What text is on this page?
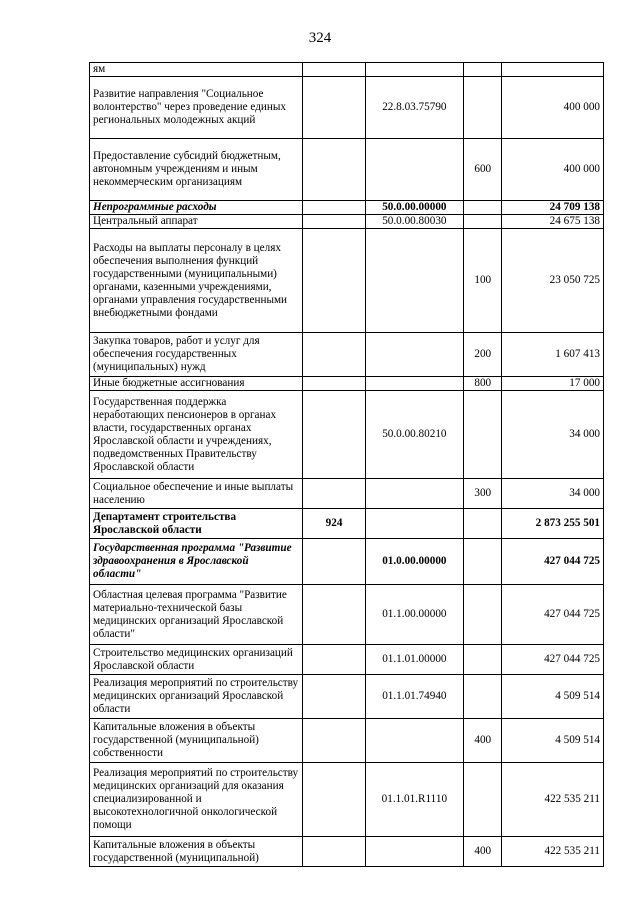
324
ям				
Развитие направления "Социальное волонтерство" через проведение единых региональных молодежных акций		22.8.03.75790		400 000
Предоставление субсидий бюджетным, автономным учреждениям и иным некоммерческим организациям			600	400 000
Непрограммные расходы		50.0.00.00000		24 709 138
Центральный аппарат		50.0.00.80030		24 675 138
Расходы на выплаты персоналу в целях обеспечения выполнения функций государственными (муниципальными) органами, казенными учреждениями, органами управления государственными внебюджетными фондами			100	23 050 725
Закупка товаров, работ и услуг для обеспечения государственных (муниципальных) нужд			200	1 607 413
Иные бюджетные ассигнования			800	17 000
Государственная поддержка неработающих пенсионеров в органах власти, государственных органах Ярославской области и учреждениях, подведомственных Правительству Ярославской области		50.0.00.80210		34 000
Социальное обеспечение и иные выплаты населению			300	34 000
Департамент строительства Ярославской области	924			2 873 255 501
Государственная программа "Развитие здравоохранения в Ярославской области"		01.0.00.00000		427 044 725
Областная целевая программа "Развитие материально-технической базы медицинских организаций Ярославской области"		01.1.00.00000		427 044 725
Строительство медицинских организаций Ярославской области		01.1.01.00000		427 044 725
Реализация мероприятий по строительству медицинских организаций Ярославской области		01.1.01.74940		4 509 514
Капитальные вложения в объекты государственной (муниципальной) собственности			400	4 509 514
Реализация мероприятий по строительству медицинских организаций для оказания специализированной и высокотехнологичной онкологической помощи		01.1.01.R1110		422 535 211
Капитальные вложения в объекты государственной (муниципальной)			400	422 535 211
